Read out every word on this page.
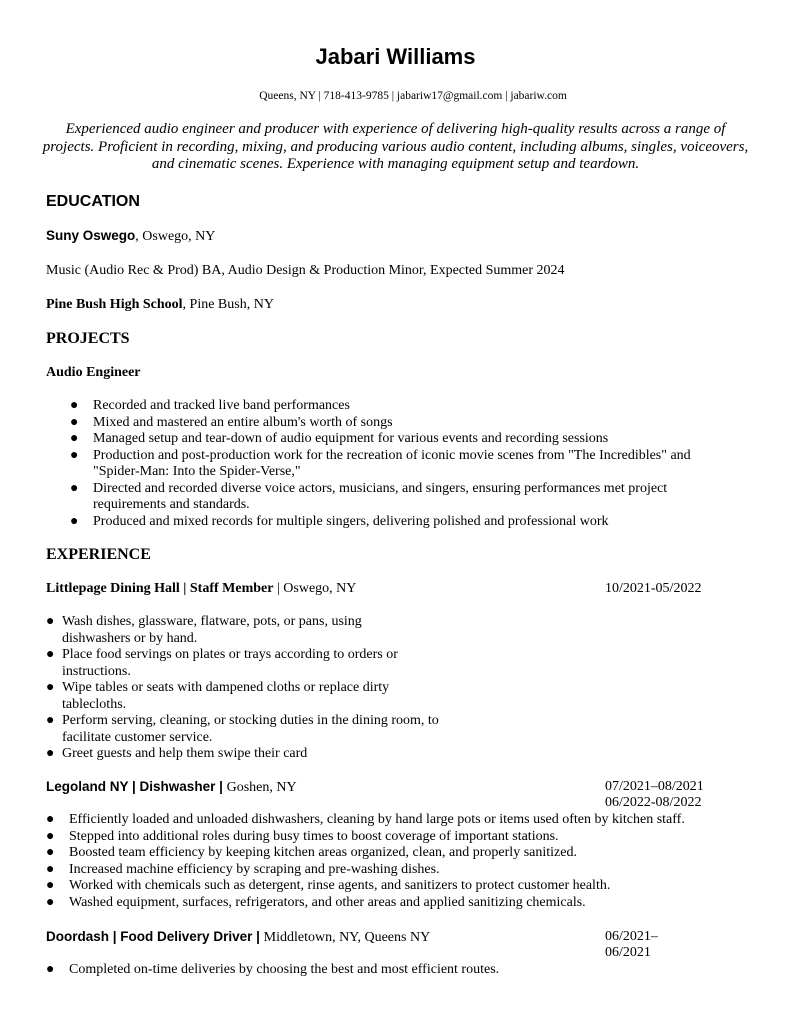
Jabari Williams
Queens, NY | 718-413-9785 | jabariw17@gmail.com | jabariw.com
Experienced audio engineer and producer with experience of delivering high-quality results across a range of projects. Proficient in recording, mixing, and producing various audio content, including albums, singles, voiceovers, and cinematic scenes. Experience with managing equipment setup and teardown.
EDUCATION
Suny Oswego, Oswego, NY
Music (Audio Rec & Prod) BA, Audio Design & Production Minor, Expected Summer 2024
Pine Bush High School, Pine Bush, NY
PROJECTS
Audio Engineer
●	Recorded and tracked live band performances
●	Mixed and mastered an entire album's worth of songs
●	Managed setup and tear-down of audio equipment for various events and recording sessions
●	Production and post-production work for the recreation of iconic movie scenes from "The Incredibles" and
"Spider-Man: Into the Spider-Verse,"
●	Directed and recorded diverse voice actors, musicians, and singers, ensuring performances met project
requirements and standards.
●	Produced and mixed records for multiple singers, delivering polished and professional work
EXPERIENCE
Littlepage Dining Hall | Staff Member | Oswego, NY	10/2021-05/2022
● Wash dishes, glassware, flatware, pots, or pans, using
dishwashers or by hand.
● Place food servings on plates or trays according to orders or
instructions.
● Wipe tables or seats with dampened cloths or replace dirty
tablecloths.
● Perform serving, cleaning, or stocking duties in the dining room, to
facilitate customer service.
● Greet guests and help them swipe their card
Legoland NY | Dishwasher | Goshen, NY	07/2021–08/2021
06/2022-08/2022
●	Efficiently loaded and unloaded dishwashers, cleaning by hand large pots or items used often by kitchen staff.
●	Stepped into additional roles during busy times to boost coverage of important stations.
●	Boosted team efficiency by keeping kitchen areas organized, clean, and properly sanitized.
●	Increased machine efficiency by scraping and pre-washing dishes.
●	Worked with chemicals such as detergent, rinse agents, and sanitizers to protect customer health.
●	Washed equipment, surfaces, refrigerators, and other areas and applied sanitizing chemicals.
Doordash | Food Delivery Driver | Middletown, NY, Queens NY	06/2021–
06/2021
●	Completed on-time deliveries by choosing the best and most efficient routes.
